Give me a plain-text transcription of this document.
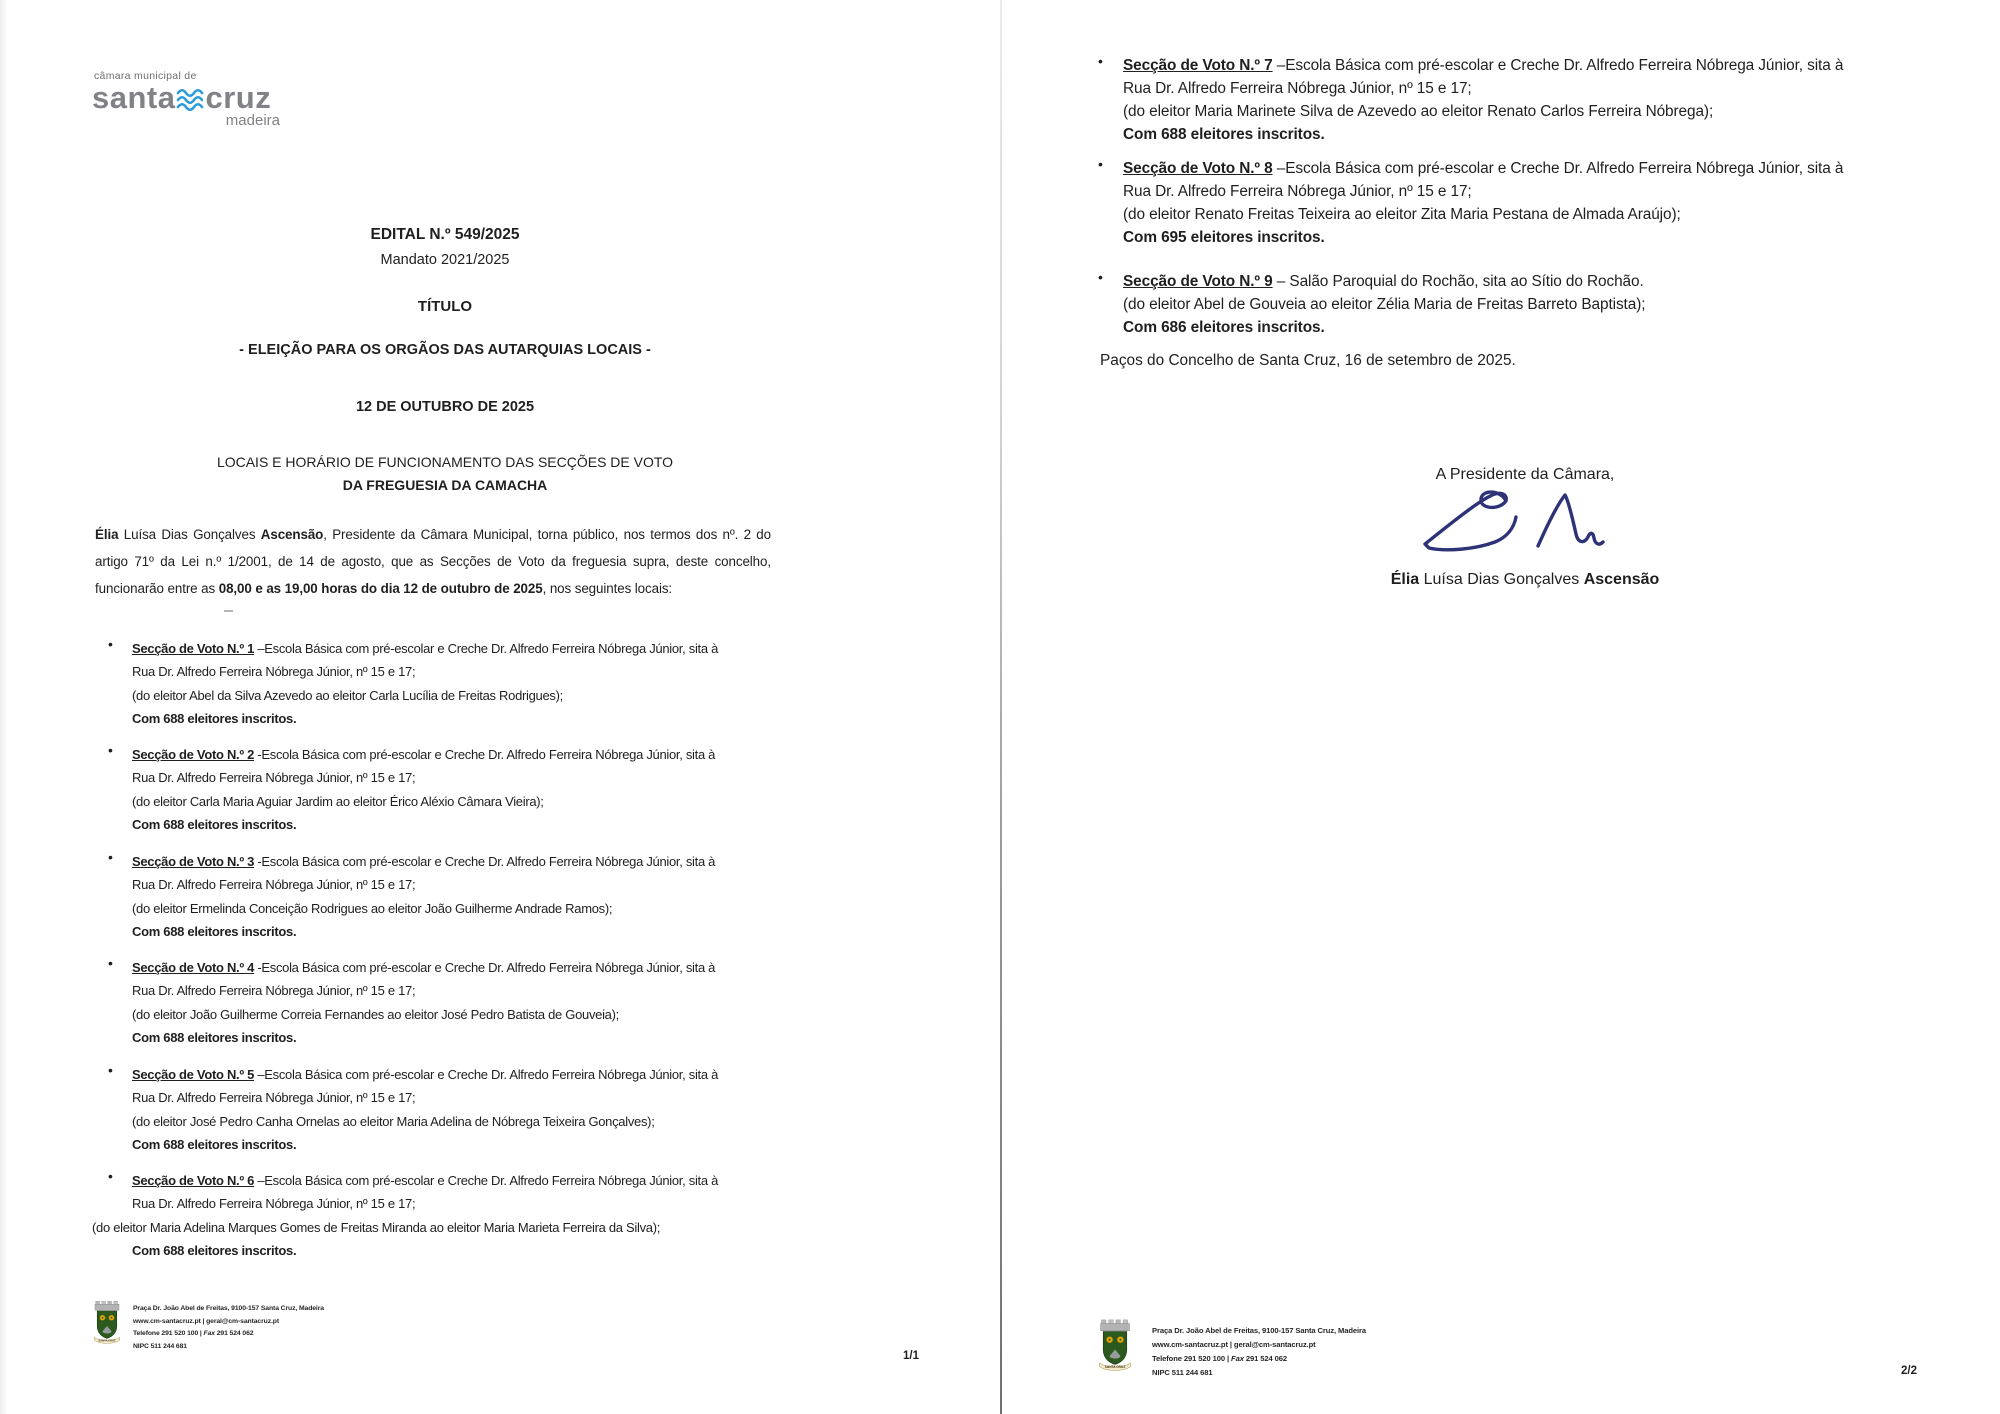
câmara municipal de
santa cruz
madeira
EDITAL N.º 549/2025
Mandato 2021/2025
TÍTULO
- ELEIÇÃO PARA OS ORGÃOS DAS AUTARQUIAS LOCAIS -
12 DE OUTUBRO DE 2025
LOCAIS E HORÁRIO DE FUNCIONAMENTO DAS SECÇÕES DE VOTO
DA FREGUESIA DA CAMACHA

Élia Luísa Dias Gonçalves Ascensão, Presidente da Câmara Municipal, torna público, nos termos dos nº. 2 do artigo 71º da Lei n.º 1/2001, de 14 de agosto, que as Secções de Voto da freguesia supra, deste concelho, funcionarão entre as 08,00 e as 19,00 horas do dia 12 de outubro de 2025, nos seguintes locais:

• Secção de Voto N.º 1 –Escola Básica com pré-escolar e Creche Dr. Alfredo Ferreira Nóbrega Júnior, sita à
Rua Dr. Alfredo Ferreira Nóbrega Júnior, nº 15 e 17;
(do eleitor Abel da Silva Azevedo ao eleitor Carla Lucília de Freitas Rodrigues);
Com 688 eleitores inscritos.
• Secção de Voto N.º 2 -Escola Básica com pré-escolar e Creche Dr. Alfredo Ferreira Nóbrega Júnior, sita à
Rua Dr. Alfredo Ferreira Nóbrega Júnior, nº 15 e 17;
(do eleitor Carla Maria Aguiar Jardim ao eleitor Érico Aléxio Câmara Vieira);
Com 688 eleitores inscritos.
• Secção de Voto N.º 3 -Escola Básica com pré-escolar e Creche Dr. Alfredo Ferreira Nóbrega Júnior, sita à
Rua Dr. Alfredo Ferreira Nóbrega Júnior, nº 15 e 17;
(do eleitor Ermelinda Conceição Rodrigues ao eleitor João Guilherme Andrade Ramos);
Com 688 eleitores inscritos.
• Secção de Voto N.º 4 -Escola Básica com pré-escolar e Creche Dr. Alfredo Ferreira Nóbrega Júnior, sita à
Rua Dr. Alfredo Ferreira Nóbrega Júnior, nº 15 e 17;
(do eleitor João Guilherme Correia Fernandes ao eleitor José Pedro Batista de Gouveia);
Com 688 eleitores inscritos.
• Secção de Voto N.º 5 –Escola Básica com pré-escolar e Creche Dr. Alfredo Ferreira Nóbrega Júnior, sita à
Rua Dr. Alfredo Ferreira Nóbrega Júnior, nº 15 e 17;
(do eleitor José Pedro Canha Ornelas ao eleitor Maria Adelina de Nóbrega Teixeira Gonçalves);
Com 688 eleitores inscritos.
• Secção de Voto N.º 6 –Escola Básica com pré-escolar e Creche Dr. Alfredo Ferreira Nóbrega Júnior, sita à
Rua Dr. Alfredo Ferreira Nóbrega Júnior, nº 15 e 17;
(do eleitor Maria Adelina Marques Gomes de Freitas Miranda ao eleitor Maria Marieta Ferreira da Silva);
Com 688 eleitores inscritos.
Praça Dr. João Abel de Freitas, 9100-157 Santa Cruz, Madeira
www.cm-santacruz.pt | geral@cm-santacruz.pt
Telefone 291 520 100 | Fax 291 524 062
NIPC 511 244 681
1/1
• Secção de Voto N.º 7 –Escola Básica com pré-escolar e Creche Dr. Alfredo Ferreira Nóbrega Júnior, sita à
Rua Dr. Alfredo Ferreira Nóbrega Júnior, nº 15 e 17;
(do eleitor Maria Marinete Silva de Azevedo ao eleitor Renato Carlos Ferreira Nóbrega);
Com 688 eleitores inscritos.
• Secção de Voto N.º 8 –Escola Básica com pré-escolar e Creche Dr. Alfredo Ferreira Nóbrega Júnior, sita à
Rua Dr. Alfredo Ferreira Nóbrega Júnior, nº 15 e 17;
(do eleitor Renato Freitas Teixeira ao eleitor Zita Maria Pestana de Almada Araújo);
Com 695 eleitores inscritos.
• Secção de Voto N.º 9 – Salão Paroquial do Rochão, sita ao Sítio do Rochão.
(do eleitor Abel de Gouveia ao eleitor Zélia Maria de Freitas Barreto Baptista);
Com 686 eleitores inscritos.
Paços do Concelho de Santa Cruz, 16 de setembro de 2025.
A Presidente da Câmara,
Élia Luísa Dias Gonçalves Ascensão
Praça Dr. João Abel de Freitas, 9100-157 Santa Cruz, Madeira
www.cm-santacruz.pt | geral@cm-santacruz.pt
Telefone 291 520 100 | Fax 291 524 062
NIPC 511 244 681	2/2
